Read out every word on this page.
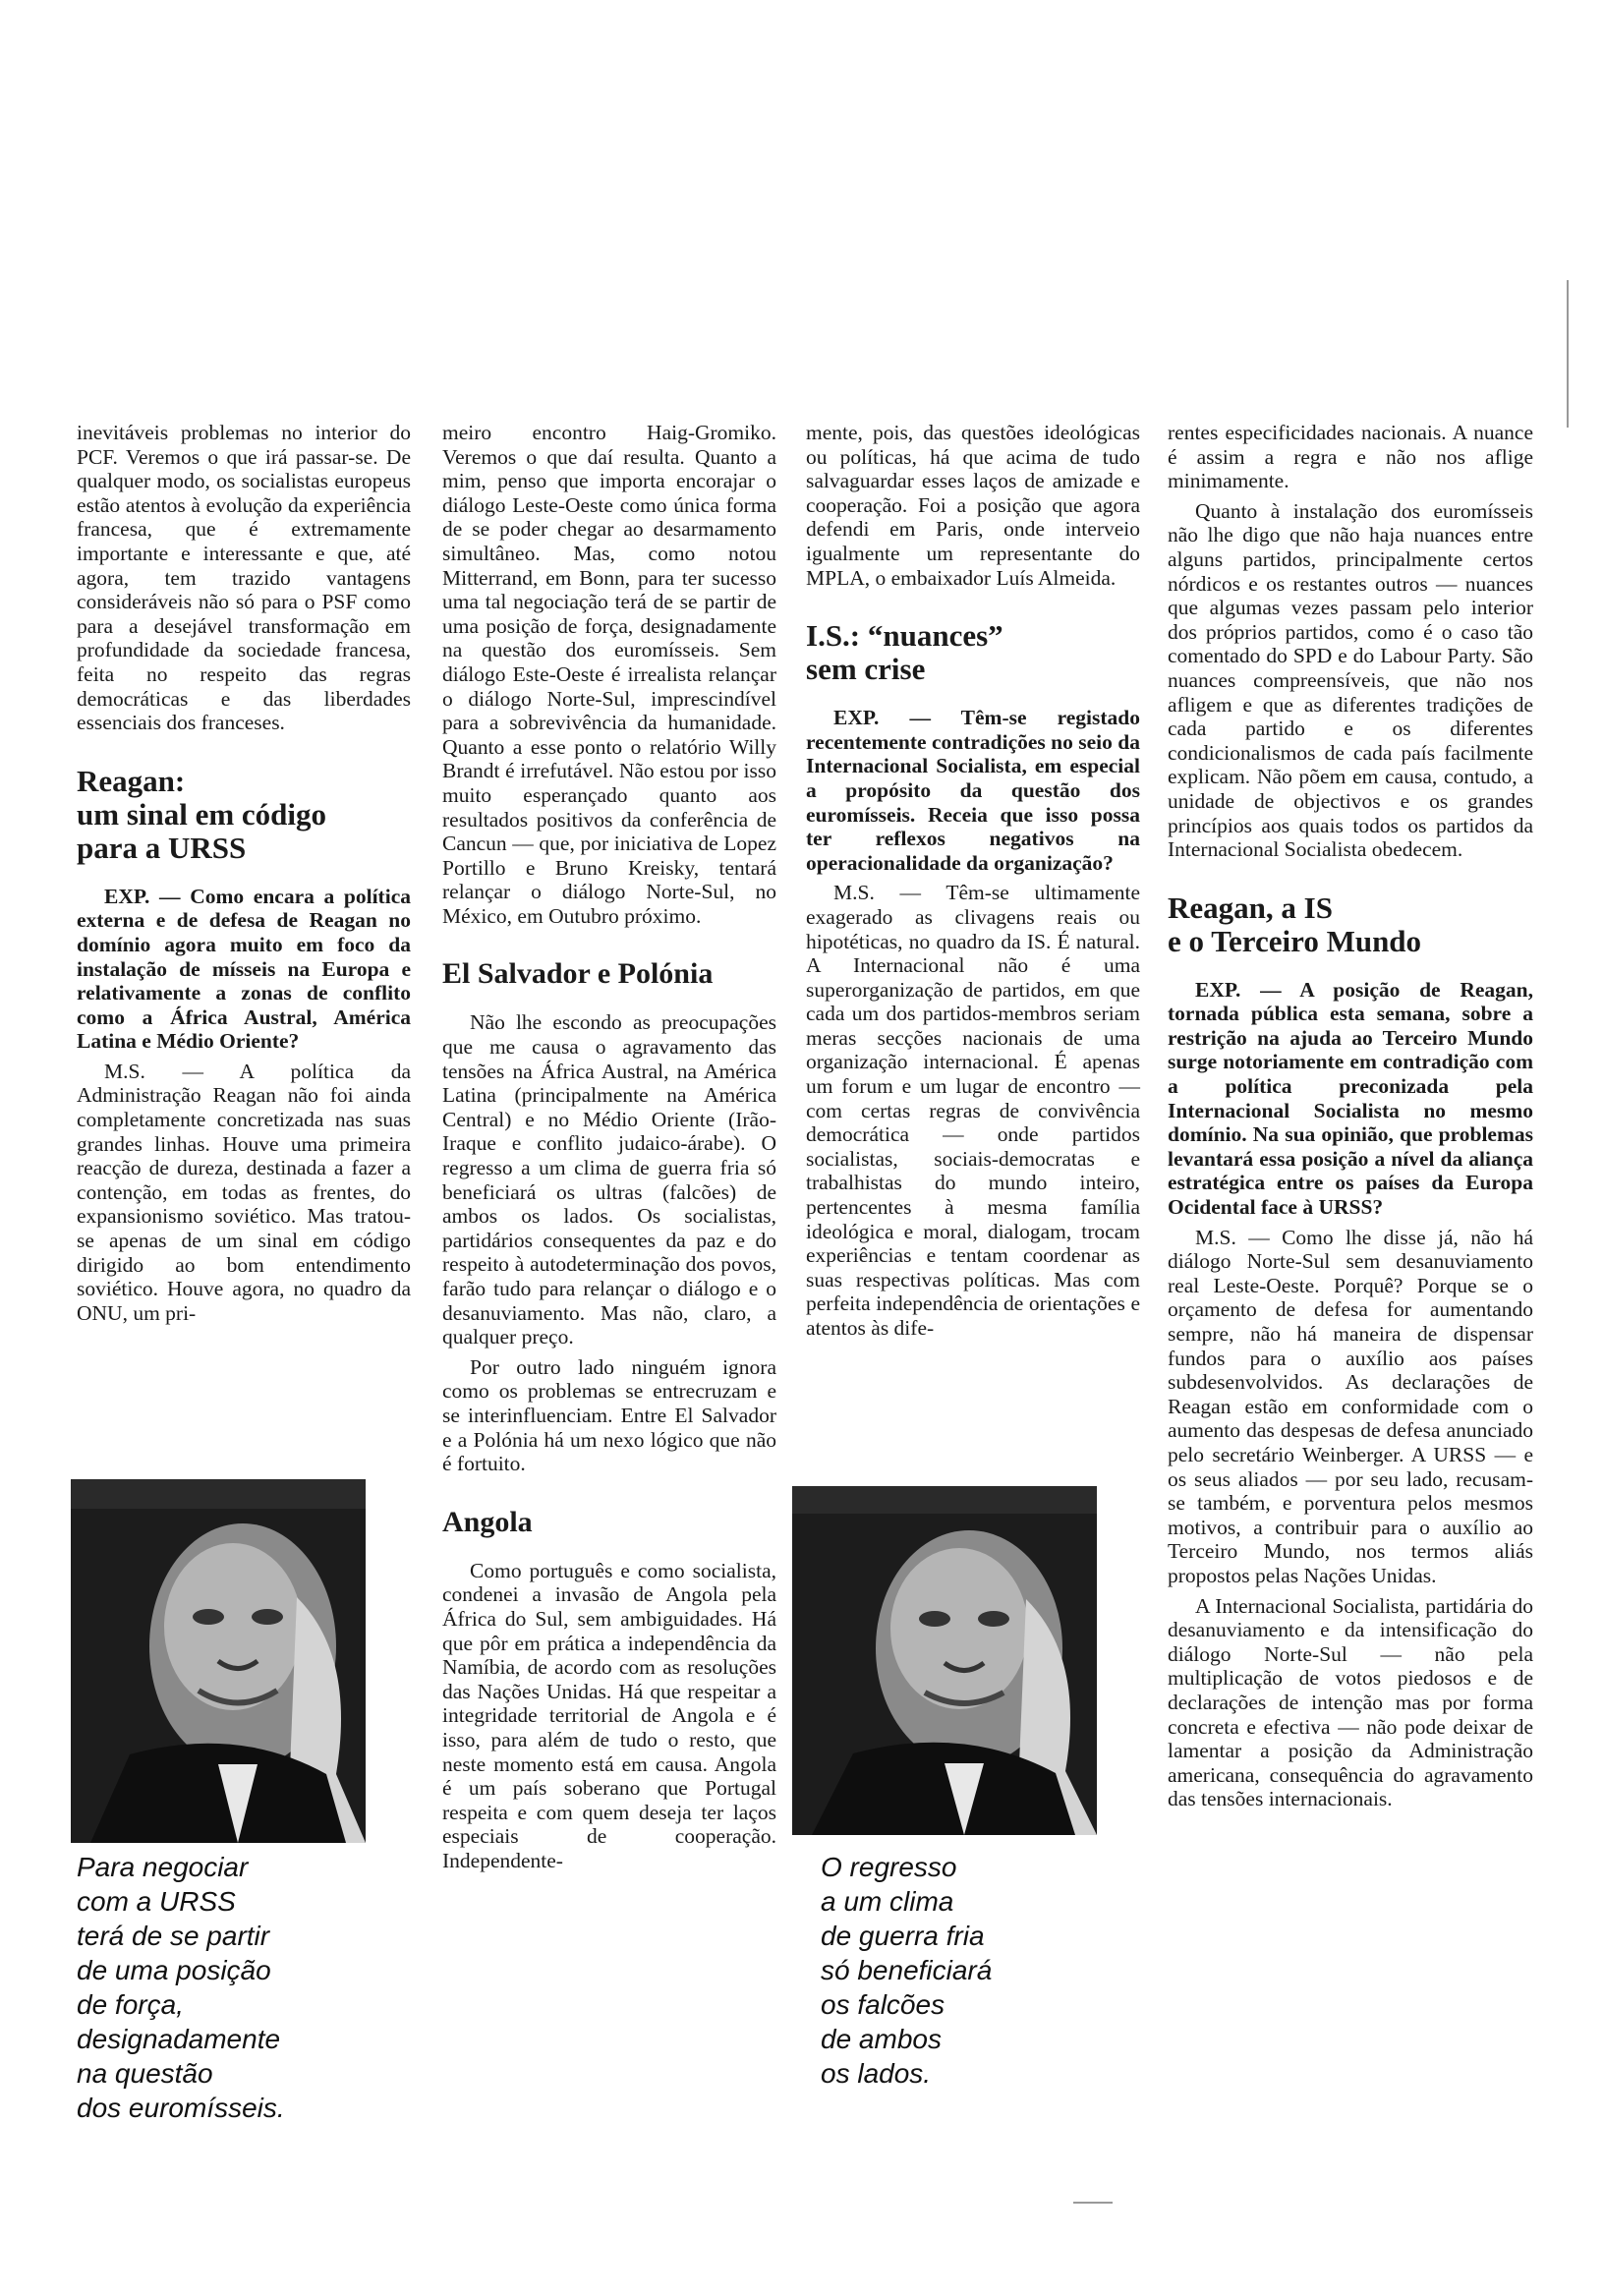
inevitáveis problemas no interior do PCF. Veremos o que irá passar-se. De qualquer modo, os socialistas europeus estão atentos à evolução da experiência francesa, que é extremamente importante e interessante e que, até agora, tem trazido vantagens consideráveis não só para o PSF como para a desejável transformação em profundidade da sociedade francesa, feita no respeito das regras democráticas e das liberdades essenciais dos franceses.

Reagan:
um sinal em código
para a URSS

EXP. — Como encara a política externa e de defesa de Reagan no domínio agora muito em foco da instalação de mísseis na Europa e relativamente a zonas de conflito como a África Austral, América Latina e Médio Oriente?

M.S. — A política da Administração Reagan não foi ainda completamente concretizada nas suas grandes linhas. Houve uma primeira reacção de dureza, destinada a fazer a contenção, em todas as frentes, do expansionismo soviético. Mas tratou-se apenas de um sinal em código dirigido ao bom entendimento soviético. Houve agora, no quadro da ONU, um pri-

Para negociar
com a URSS
terá de se partir
de uma posição
de força,
designadamente
na questão
dos euromísseis.

meiro encontro Haig-Gromiko. Veremos o que daí resulta. Quanto a mim, penso que importa encorajar o diálogo Leste-Oeste como única forma de se poder chegar ao desarmamento simultâneo. Mas, como notou Mitterrand, em Bonn, para ter sucesso uma tal negociação terá de se partir de uma posição de força, designadamente na questão dos euromísseis. Sem diálogo Este-Oeste é irrealista relançar o diálogo Norte-Sul, imprescindível para a sobrevivência da humanidade. Quanto a esse ponto o relatório Willy Brandt é irrefutável. Não estou por isso muito esperançado quanto aos resultados positivos da conferência de Cancun — que, por iniciativa de Lopez Portillo e Bruno Kreisky, tentará relançar o diálogo Norte-Sul, no México, em Outubro próximo.

El Salvador e Polónia

Não lhe escondo as preocupações que me causa o agravamento das tensões na África Austral, na América Latina (principalmente na América Central) e no Médio Oriente (Irão-Iraque e conflito judaico-árabe). O regresso a um clima de guerra fria só beneficiará os ultras (falcões) de ambos os lados. Os socialistas, partidários consequentes da paz e do respeito à autodeterminação dos povos, farão tudo para relançar o diálogo e o desanuviamento. Mas não, claro, a qualquer preço.

Por outro lado ninguém ignora como os problemas se entrecruzam e se interinfluenciam. Entre El Salvador e a Polónia há um nexo lógico que não é fortuito.

Angola

Como português e como socialista, condenei a invasão de Angola pela África do Sul, sem ambiguidades. Há que pôr em prática a independência da Namíbia, de acordo com as resoluções das Nações Unidas. Há que respeitar a integridade territorial de Angola e é isso, para além de tudo o resto, que neste momento está em causa. Angola é um país soberano que Portugal respeita e com quem deseja ter laços especiais de cooperação. Independente-

mente, pois, das questões ideológicas ou políticas, há que acima de tudo salvaguardar esses laços de amizade e cooperação. Foi a posição que agora defendi em Paris, onde interveio igualmente um representante do MPLA, o embaixador Luís Almeida.

I.S.: “nuances”
sem crise

EXP. — Têm-se registado recentemente contradições no seio da Internacional Socialista, em especial a propósito da questão dos euromísseis. Receia que isso possa ter reflexos negativos na operacionalidade da organização?

M.S. — Têm-se ultimamente exagerado as clivagens reais ou hipotéticas, no quadro da IS. É natural. A Internacional não é uma superorganização de partidos, em que cada um dos partidos-membros seriam meras secções nacionais de uma organização internacional. É apenas um forum e um lugar de encontro — com certas regras de convivência democrática — onde partidos socialistas, sociais-democratas e trabalhistas do mundo inteiro, pertencentes à mesma família ideológica e moral, dialogam, trocam experiências e tentam coordenar as suas respectivas políticas. Mas com perfeita independência de orientações e atentos às dife-

O regresso
a um clima
de guerra fria
só beneficiará
os falcões
de ambos
os lados.

rentes especificidades nacionais. A nuance é assim a regra e não nos aflige minimamente.

Quanto à instalação dos euromísseis não lhe digo que não haja nuances entre alguns partidos, principalmente certos nórdicos e os restantes outros — nuances que algumas vezes passam pelo interior dos próprios partidos, como é o caso tão comentado do SPD e do Labour Party. São nuances compreensíveis, que não nos afligem e que as diferentes tradições de cada partido e os diferentes condicionalismos de cada país facilmente explicam. Não põem em causa, contudo, a unidade de objectivos e os grandes princípios aos quais todos os partidos da Internacional Socialista obedecem.

Reagan, a IS
e o Terceiro Mundo

EXP. — A posição de Reagan, tornada pública esta semana, sobre a restrição na ajuda ao Terceiro Mundo surge notoriamente em contradição com a política preconizada pela Internacional Socialista no mesmo domínio. Na sua opinião, que problemas levantará essa posição a nível da aliança estratégica entre os países da Europa Ocidental face à URSS?

M.S. — Como lhe disse já, não há diálogo Norte-Sul sem desanuviamento real Leste-Oeste. Porquê? Porque se o orçamento de defesa for aumentando sempre, não há maneira de dispensar fundos para o auxílio aos países subdesenvolvidos. As declarações de Reagan estão em conformidade com o aumento das despesas de defesa anunciado pelo secretário Weinberger. A URSS — e os seus aliados — por seu lado, recusam-se também, e porventura pelos mesmos motivos, a contribuir para o auxílio ao Terceiro Mundo, nos termos aliás propostos pelas Nações Unidas.

A Internacional Socialista, partidária do desanuviamento e da intensificação do diálogo Norte-Sul — não pela multiplicação de votos piedosos e de declarações de intenção mas por forma concreta e efectiva — não pode deixar de lamentar a posição da Administração americana, consequência do agravamento das tensões internacionais.
